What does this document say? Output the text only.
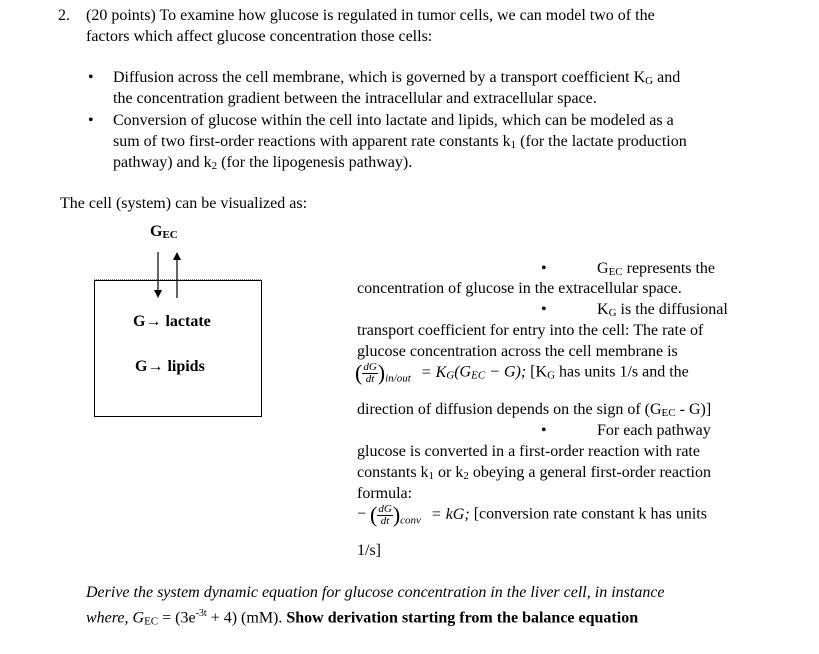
2. (20 points) To examine how glucose is regulated in tumor cells, we can model two of the
factors which affect glucose concentration those cells:
• Diffusion across the cell membrane, which is governed by a transport coefficient KG and
the concentration gradient between the intracellular and extracellular space.
• Conversion of glucose within the cell into lactate and lipids, which can be modeled as a
sum of two first-order reactions with apparent rate constants k1 (for the lactate production
pathway) and k2 (for the lipogenesis pathway).
The cell (system) can be visualized as:
GEC
G→ lactate
G→ lipids
•	GEC represents the
concentration of glucose in the extracellular space.
•	KG is the diffusional
transport coefficient for entry into the cell: The rate of
glucose concentration across the cell membrane is
( $\frac{dG}{dt} )_{in/out} = KG(GEC - G)$; [KG has units 1/s and the
direction of diffusion depends on the sign of (GEC - G)]
•	For each pathway
glucose is converted in a first-order reaction with rate
constants k1 or k2 obeying a general first-order reaction
formula:
− ( $\frac{dG}{dt} )_{conv}$ = kG; [conversion rate constant k has units
1/s]
Derive the system dynamic equation for glucose concentration in the liver cell, in instance
where, GEC = $(3e^{-3t} + 4)$ (mM). Show derivation starting from the balance equation
